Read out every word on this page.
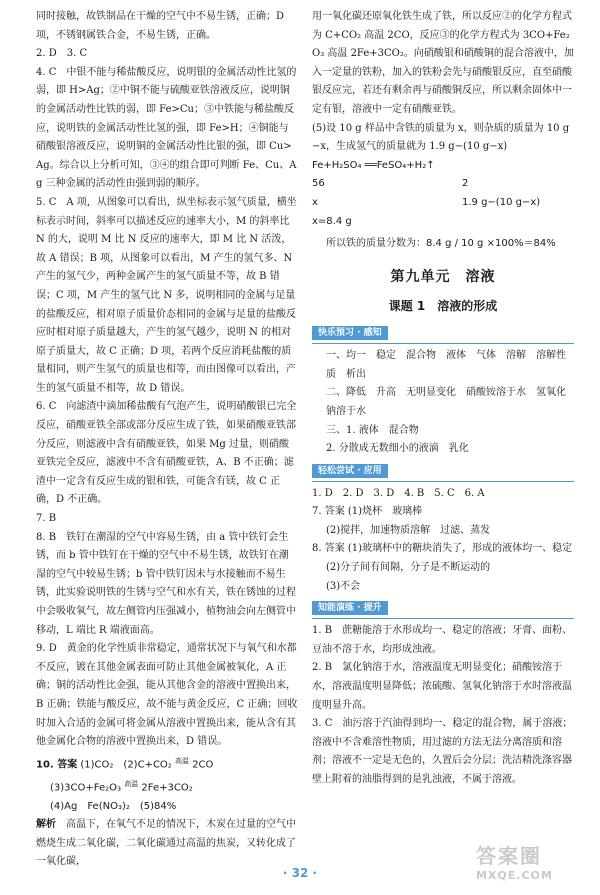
同时接触，故铁制品在干燥的空气中不易生锈，正确；D项，不锈钢属铁合金，不易生锈，正确。
2. D　3. C
4. C　中银不能与稀盐酸反应，说明银的金属活动性比氢的弱，即 H>Ag；②中铜不能与硫酸亚铁溶液反应，说明铜的金属活动性比铁的弱，即 Fe>Cu；③中铁能与稀盐酸反应，说明铁的金属活动性比氢的强，即 Fe>H；④铜能与硝酸银溶液反应，说明铜的金属活动性比银的强，即 Cu>Ag。综合以上分析可知，③④的组合即可判断 Fe、Cu、Ag 三种金属的活动性由强到弱的顺序。
5. C　A 项，从图象可以看出，纵坐标表示氢气质量，横坐标表示时间，斜率可以描述反应的速率大小，M 的斜率比 N 的大，说明 M 比 N 反应的速率大，即 M 比 N 活泼，故 A 错误；B 项，从图象可以看出，M 产生的氢气多、N 产生的氢气少，两种金属产生的氢气质量不等，故 B 错误；C 项，M 产生的氢气比 N 多，说明相同的金属与足量的盐酸反应，相对原子质量价态相同的金属与足量的盐酸反应时相对原子质量越大，产生的氢气越少，说明 N 的相对原子质量大，故 C 正确；D 项，若两个反应消耗盐酸的质量相同，则产生氢气的质量也相等，而由图像可以看出，产生的氢气质量不相等，故 D 错误。
6. C　向滤渣中滴加稀盐酸有气泡产生，说明硝酸银已完全反应，硝酸亚铁全部或部分反应生成了铁，如果硝酸亚铁部分反应，则滤液中含有硝酸亚铁，如果 Mg 过量，则硝酸亚铁完全反应，滤液中不含有硝酸亚铁，A、B 不正确；滤渣中一定含有反应生成的银和铁，可能含有镁，故 C 正确，D 不正确。
7. B
8. B　铁钉在潮湿的空气中容易生锈，由 a 管中铁钉会生锈，而 b 管中铁钉在干燥的空气中不易生锈，故铁钉在潮湿的空气中较易生锈；b 管中铁钉因未与水接触而不易生锈，此实验说明铁的生锈与空气和水有关，铁在锈蚀的过程中会吸收氧气，故左侧管内压强减小，植物油会向左侧管中移动，L 端比 R 端液面高。
9. D　黄金的化学性质非常稳定，通常状况下与氧气和水都不反应，镀在其他金属表面可防止其他金属被氧化，A 正确；铜的活动性比金强，能从其他含金的溶液中置换出来，B 正确；铁能与酸反应，故不能与黄金反应，C 正确；回收时加入合适的金属可将金属从溶液中置换出来，能从含有其他金属化合物的溶液中置换出来，D 错误。
10. 答案 (1)CO₂　(2)C+CO₂ $^{高温}$ 2CO
(3)3CO+Fe₂O₃ $^{高温}$ 2Fe+3CO₂
(4)Ag　Fe(NO₃)₂　(5)84%
解析　 高温下，在氧气不足的情况下，木炭在过量的空气中燃烧生成二氧化碳，二氧化碳通过高温的焦炭，又转化成了一氧化碳，
用一氧化碳还原氧化铁生成了铁，所以反应②的化学方程式为 C+CO₂ 高温 2CO，反应③的化学方程式为 3CO+Fe₂O₃ 高温 2Fe+3CO₂。向硝酸银和硝酸铜的混合溶液中，加入一定量的铁粉，加入的铁粉会先与硝酸银反应，直至硝酸银反应完，若还有剩余再与硝酸铜反应，所以剩余固体中一定有银，溶液中一定有硝酸亚铁。
(5)设 10 g 样品中含铁的质量为 x，则杂质的质量为 10 g−x，生成氢气的质量就为 1.9 g−(10 g−x)
Fe+H₂SO₄ ══FeSO₄+H₂↑
56	2
x	1.9 g−(10 g−x)
x=8.4 g
所以铁的质量分数为：8.4 g / 10 g ×100%＝84%
第九单元　溶液
课题 1　溶液的形成
快乐预习 · 感知
一、均一　稳定　混合物　液体　气体　溶解　溶解性质　析出
二、降低　升高　无明显变化　硝酸铵溶于水　氢氧化钠溶于水
三、1. 液体　混合物
2. 分散成无数细小的液滴　乳化
轻松尝试 · 应用
1. D　2. D　3. D　4. B　5. C　6. A
7. 答案 (1)烧杯　玻璃棒
(2)搅拌，加速物质溶解　过滤、蒸发
8. 答案 (1)玻璃杯中的糖块消失了，形成的液体均一、稳定
(2)分子间有间隔，分子是不断运动的
(3)不会
知能演练 · 提升
1. B　蔗糖能溶于水形成均一、稳定的溶液；牙膏、面粉、豆油不溶于水，均形成浊液。
2. B　氯化钠溶于水，溶液温度无明显变化；硝酸铵溶于水，溶液温度明显降低；浓硫酸、氢氧化钠溶于水时溶液温度明显升高。
3. C　油污溶于汽油得到均一、稳定的混合物，属于溶液；溶液中不含难溶性物质，用过滤的方法无法分离溶质和溶剂；溶液不一定是无色的，久置后会分层；洗洁精洗涤容器壁上附着的油脂得到的是乳浊液，不属于溶液。
· 32 ·
答案圈
MXQE.COM
